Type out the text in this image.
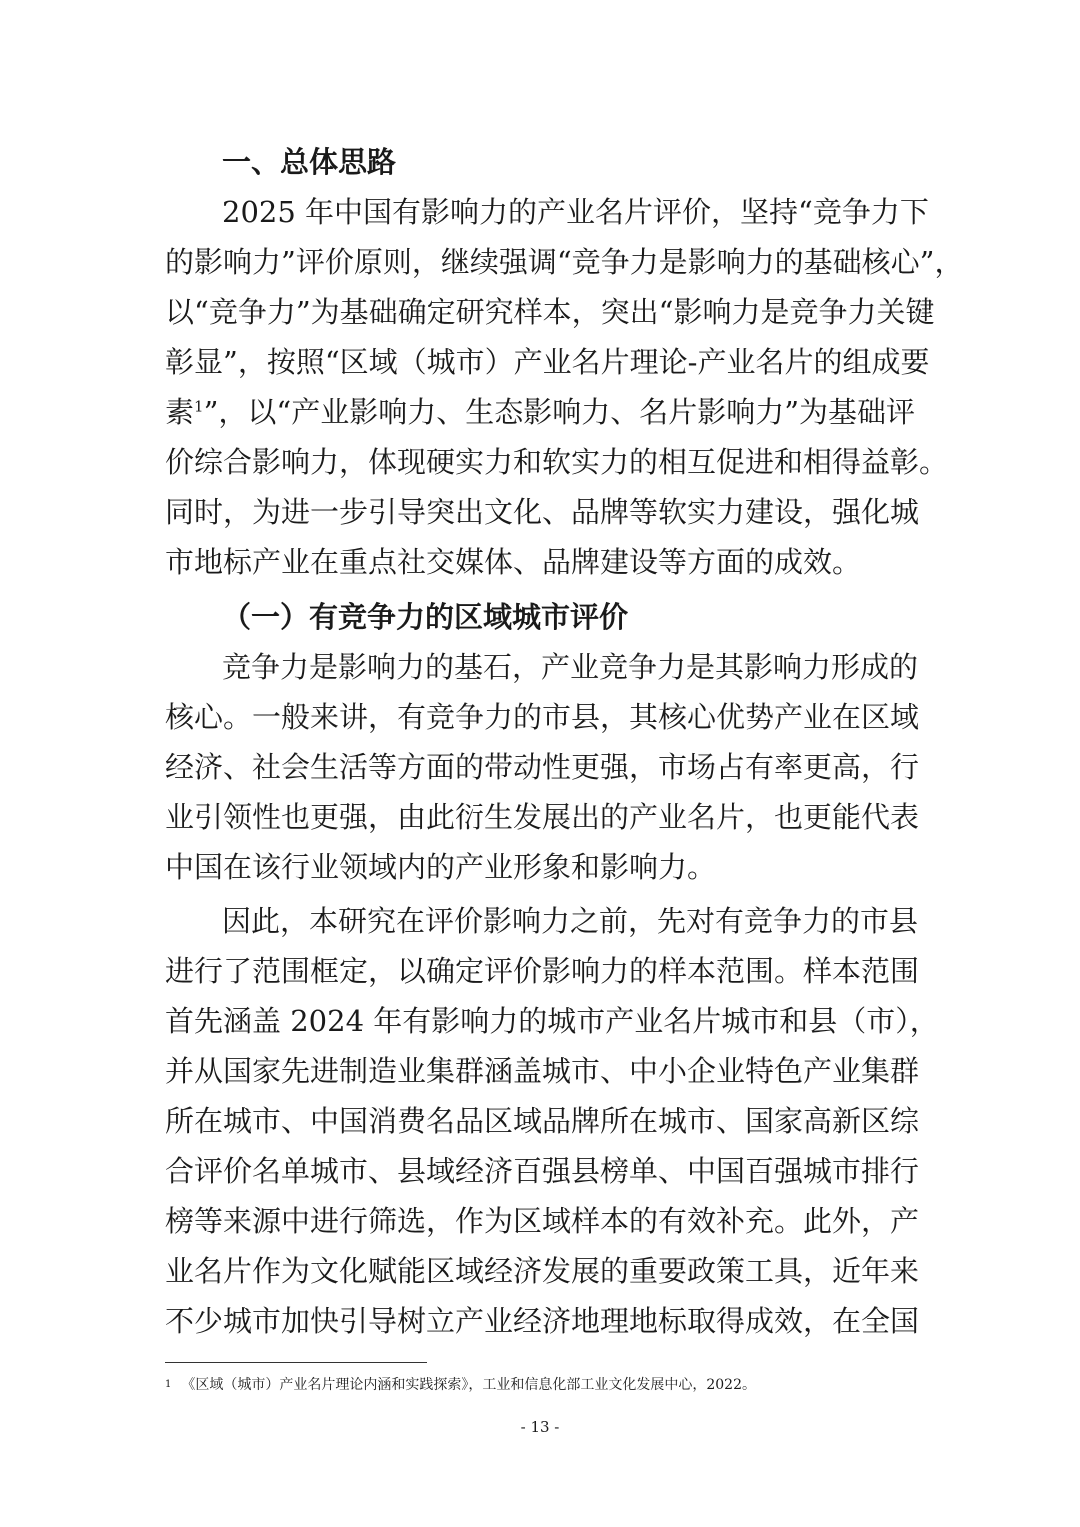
一、总体思路
2025 年中国有影响力的产业名片评价，坚持“竞争力下
的影响力”评价原则，继续强调“竞争力是影响力的基础核心”，
以“竞争力”为基础确定研究样本，突出“影响力是竞争力关键
彰显”，按照“区域（城市）产业名片理论-产业名片的组成要
素$^1$”，以“产业影响力、生态影响力、名片影响力”为基础评
价综合影响力，体现硬实力和软实力的相互促进和相得益彰。
同时，为进一步引导突出文化、品牌等软实力建设，强化城
市地标产业在重点社交媒体、品牌建设等方面的成效。
（一）有竞争力的区域城市评价
竞争力是影响力的基石，产业竞争力是其影响力形成的
核心。一般来讲，有竞争力的市县，其核心优势产业在区域
经济、社会生活等方面的带动性更强，市场占有率更高，行
业引领性也更强，由此衍生发展出的产业名片，也更能代表
中国在该行业领域内的产业形象和影响力。
因此，本研究在评价影响力之前，先对有竞争力的市县
进行了范围框定，以确定评价影响力的样本范围。样本范围
首先涵盖 2024 年有影响力的城市产业名片城市和县（市），
并从国家先进制造业集群涵盖城市、中小企业特色产业集群
所在城市、中国消费名品区域品牌所在城市、国家高新区综
合评价名单城市、县域经济百强县榜单、中国百强城市排行
榜等来源中进行筛选，作为区域样本的有效补充。此外，产
业名片作为文化赋能区域经济发展的重要政策工具，近年来
不少城市加快引导树立产业经济地理地标取得成效，在全国
$^1$ 《区域（城市）产业名片理论内涵和实践探索》，工业和信息化部工业文化发展中心，2022。
- 13 -
